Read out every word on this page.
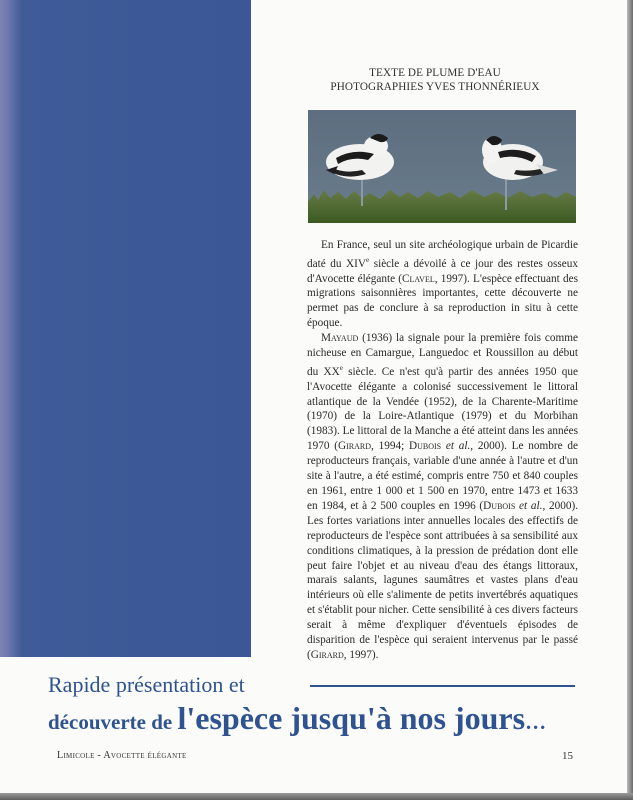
TEXTE DE PLUME D'EAU
PHOTOGRAPHIES YVES THONNÉRIEUX

En France, seul un site archéologique urbain de Picardie daté du XIVe siècle a dévoilé à ce jour des restes osseux d'Avocette élégante (Clavel, 1997). L'espèce effectuant des migrations saisonnières importantes, cette découverte ne permet pas de conclure à sa reproduction in situ à cette époque.

Mayaud (1936) la signale pour la première fois comme nicheuse en Camargue, Languedoc et Roussillon au début du XXe siècle. Ce n'est qu'à partir des années 1950 que l'Avocette élégante a colonisé successivement le littoral atlantique de la Vendée (1952), de la Charente-Maritime (1970) de la Loire-Atlantique (1979) et du Morbihan (1983). Le littoral de la Manche a été atteint dans les années 1970 (Girard, 1994; Dubois et al., 2000). Le nombre de reproducteurs français, variable d'une année à l'autre et d'un site à l'autre, a été estimé, compris entre 750 et 840 couples en 1961, entre 1 000 et 1 500 en 1970, entre 1473 et 1633 en 1984, et à 2 500 couples en 1996 (Dubois et al., 2000). Les fortes variations inter annuelles locales des effectifs de reproducteurs de l'espèce sont attribuées à sa sensibilité aux conditions climatiques, à la pression de prédation dont elle peut faire l'objet et au niveau d'eau des étangs littoraux, marais salants, lagunes saumâtres et vastes plans d'eau intérieurs où elle s'alimente de petits invertébrés aquatiques et s'établit pour nicher. Cette sensibilité à ces divers facteurs serait à même d'expliquer d'éventuels épisodes de disparition de l'espèce qui seraient intervenus par le passé (Girard, 1997).

Rapide présentation et
découverte de l'espèce jusqu'à nos jours…
Limicole - Avocette élégante	15
